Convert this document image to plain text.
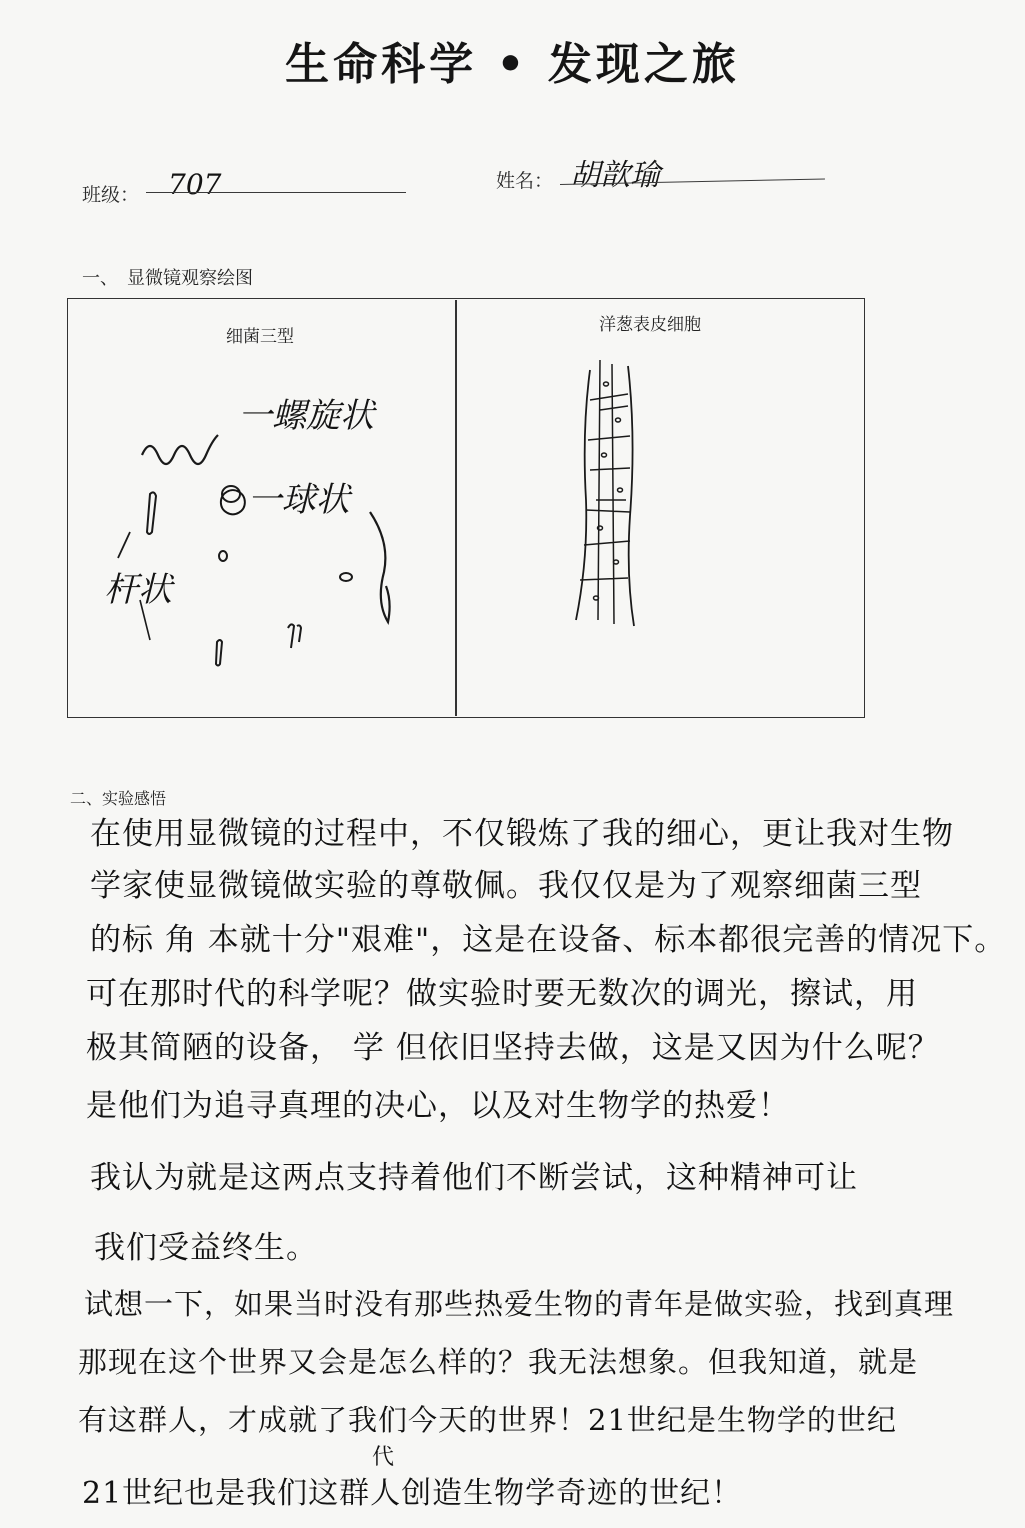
生命科学 • 发现之旅
班级： 707	姓名： 胡歆瑜
一、　显微镜观察绘图
细菌三型
洋葱表皮细胞
一螺旋状
○一球状
杆状
二、实验感悟
在使用显微镜的过程中，不仅锻炼了我的细心，更让我对生物
学家使显微镜做实验的尊敬佩。我仅仅是为了观察细菌三型
的标 角 本就十分"艰难"，这是在设备、标本都很完善的情况下。
可在那时代的科学呢？做实验时要无数次的调光，擦试，用
极其简陋的设备， 学 但依旧坚持去做，这是又因为什么呢？
是他们为追寻真理的决心，以及对生物学的热爱！
我认为就是这两点支持着他们不断尝试，这种精神可让
我们受益终生。
试想一下，如果当时没有那些热爱生物的青年是做实验，找到真理
那现在这个世界又会是怎么样的？我无法想象。但我知道，就是
有这群人，才成就了我们今天的世界！21世纪是生物学的世纪
代
21世纪也是我们这群人创造生物学奇迹的世纪！
